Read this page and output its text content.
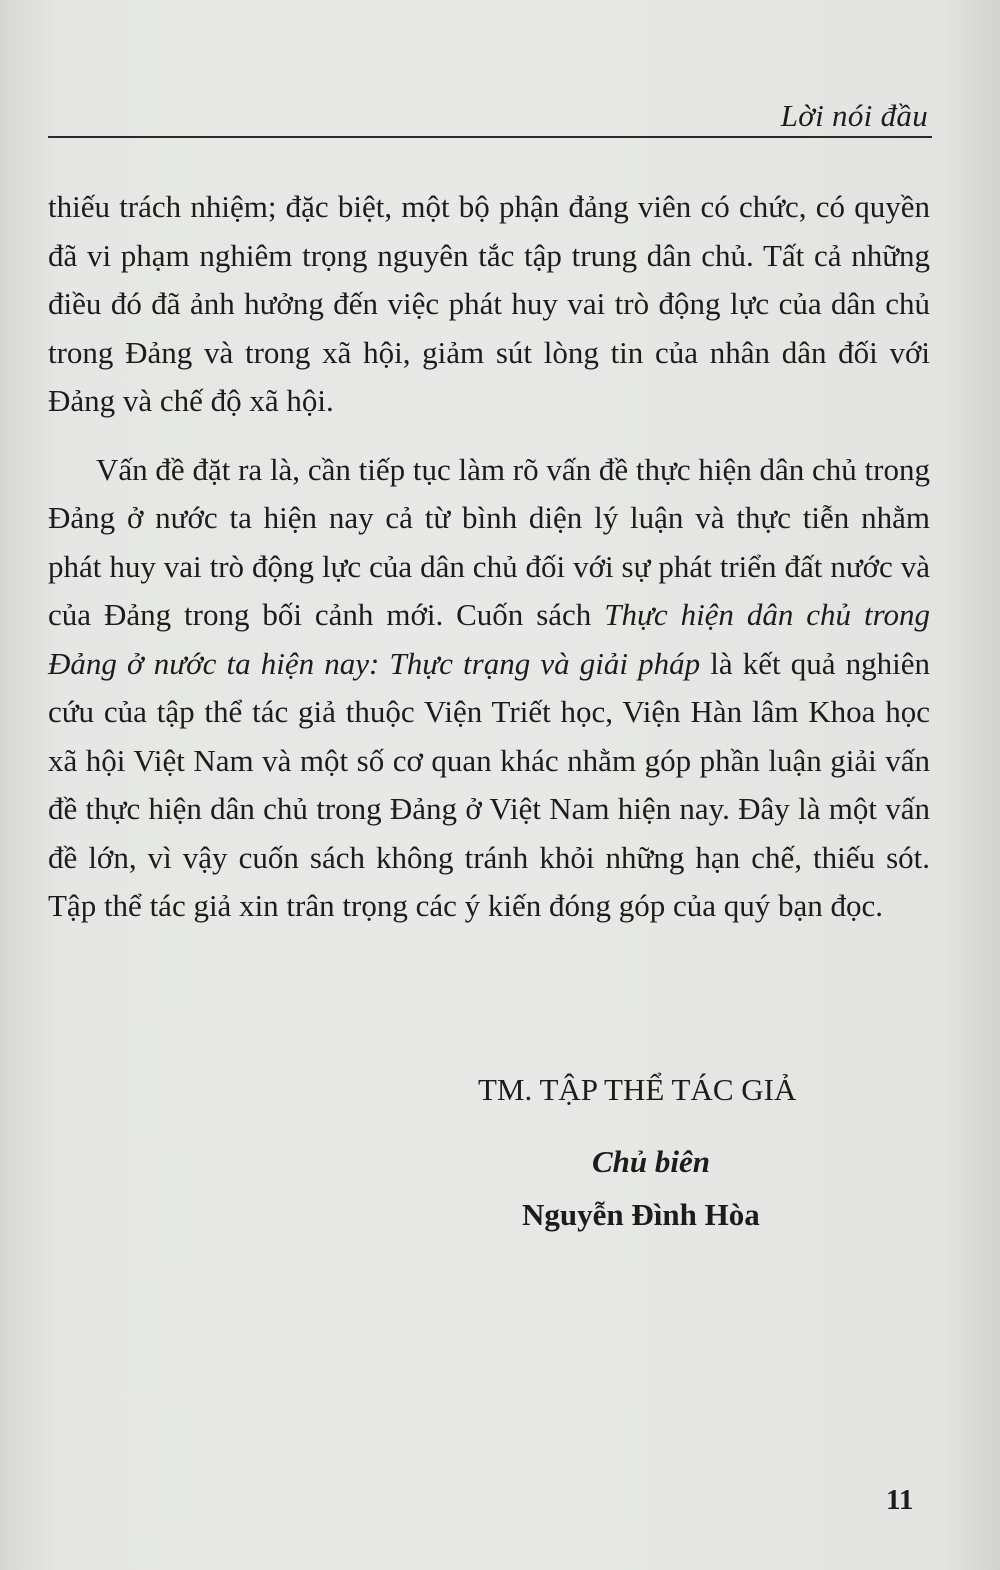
Lời nói đầu

thiếu trách nhiệm; đặc biệt, một bộ phận đảng viên có chức, có quyền đã vi phạm nghiêm trọng nguyên tắc tập trung dân chủ. Tất cả những điều đó đã ảnh hưởng đến việc phát huy vai trò động lực của dân chủ trong Đảng và trong xã hội, giảm sút lòng tin của nhân dân đối với Đảng và chế độ xã hội.

Vấn đề đặt ra là, cần tiếp tục làm rõ vấn đề thực hiện dân chủ trong Đảng ở nước ta hiện nay cả từ bình diện lý luận và thực tiễn nhằm phát huy vai trò động lực của dân chủ đối với sự phát triển đất nước và của Đảng trong bối cảnh mới. Cuốn sách Thực hiện dân chủ trong Đảng ở nước ta hiện nay: Thực trạng và giải pháp là kết quả nghiên cứu của tập thể tác giả thuộc Viện Triết học, Viện Hàn lâm Khoa học xã hội Việt Nam và một số cơ quan khác nhằm góp phần luận giải vấn đề thực hiện dân chủ trong Đảng ở Việt Nam hiện nay. Đây là một vấn đề lớn, vì vậy cuốn sách không tránh khỏi những hạn chế, thiếu sót. Tập thể tác giả xin trân trọng các ý kiến đóng góp của quý bạn đọc.

TM. TẬP THỂ TÁC GIẢ
Chủ biên
Nguyễn Đình Hòa
11
